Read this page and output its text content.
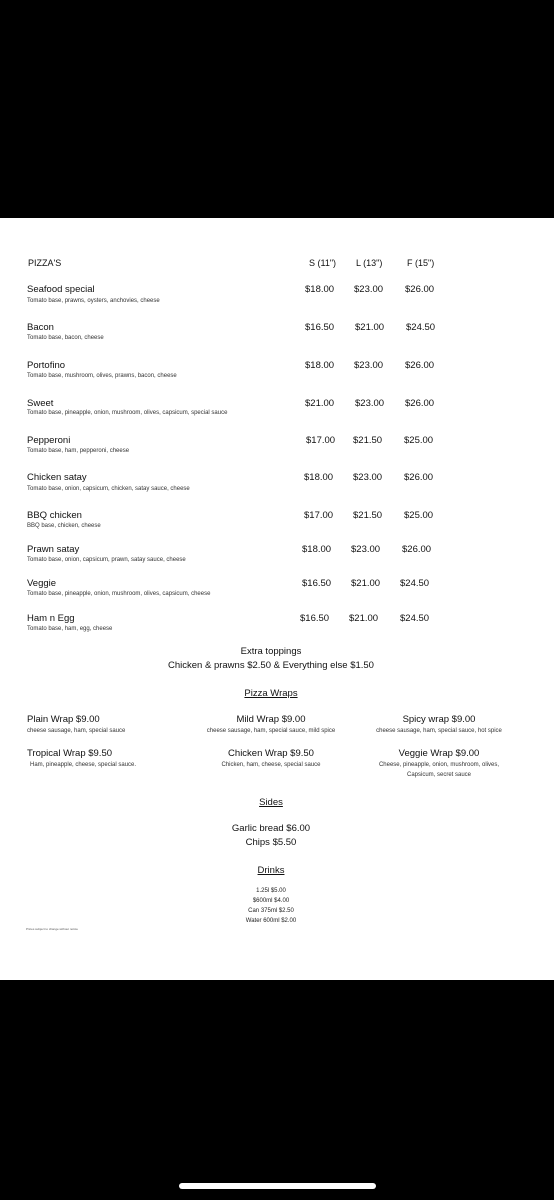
PIZZA'S	S (11") L (13")	F (15")
Seafood special
Tomato base, prawns, oysters, anchovies, cheese
$18.00 $23.00 $26.00
Bacon
Tomato base, bacon, cheese
$16.50 $21.00 $24.50
Portofino
Tomato base, mushroom, olives, prawns, bacon, cheese
$18.00 $23.00 $26.00
Sweet
Tomato base, pineapple, onion, mushroom, olives, capsicum, special sauce
$21.00 $23.00 $26.00
Pepperoni
Tomato base, ham, pepperoni, cheese
$17.00 $21.50 $25.00
Chicken satay
Tomato base, onion, capsicum, chicken, satay sauce, cheese
$18.00 $23.00 $26.00
BBQ chicken
BBQ base, chicken, cheese
$17.00 $21.50 $25.00
Prawn satay
Tomato base, onion, capsicum, prawn, satay sauce, cheese
$18.00 $23.00 $26.00
Veggie
Tomato base, pineapple, onion, mushroom, olives, capsicum, cheese
$16.50 $21.00 $24.50
Ham n Egg
Tomato base, ham, egg, cheese
$16.50 $21.00 $24.50
Extra toppings
Chicken & prawns $2.50 & Everything else $1.50
Pizza Wraps
Plain Wrap $9.00
cheese sausage, ham, special sauce
Mild Wrap $9.00
cheese sausage, ham, special sauce, mild spice
Spicy wrap $9.00
cheese sausage, ham, special sauce, hot spice
Tropical Wrap $9.50
Ham, pineapple, cheese, special sauce.
Chicken Wrap $9.50
Chicken, ham, cheese, special sauce
Veggie Wrap $9.00
Cheese, pineapple, onion, mushroom, olives,
Capsicum, secret sauce
Sides
Garlic bread $6.00
Chips $5.50
Drinks
1.25l $5.00
$600ml $4.00
Can 375ml $2.50
Water 600ml $2.00
Prices subject to change without notice
